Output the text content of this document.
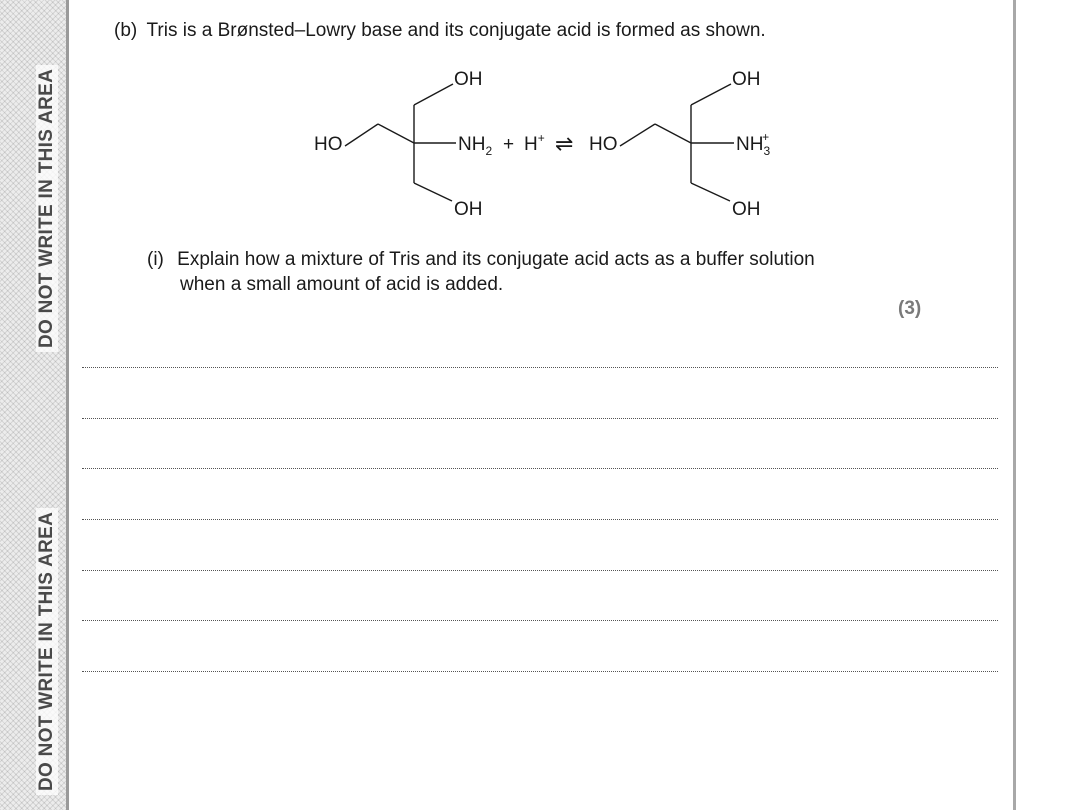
DO NOT WRITE IN THIS AREA
DO NOT WRITE IN THIS AREA
(b) Tris is a Brønsted–Lowry base and its conjugate acid is formed as shown.
HO
OH
OH
$NH_2 + H^+$ ⇌ HO
OH
OH
$NH_3+$
(i) Explain how a mixture of Tris and its conjugate acid acts as a buffer solution
when a small amount of acid is added.
(3)
